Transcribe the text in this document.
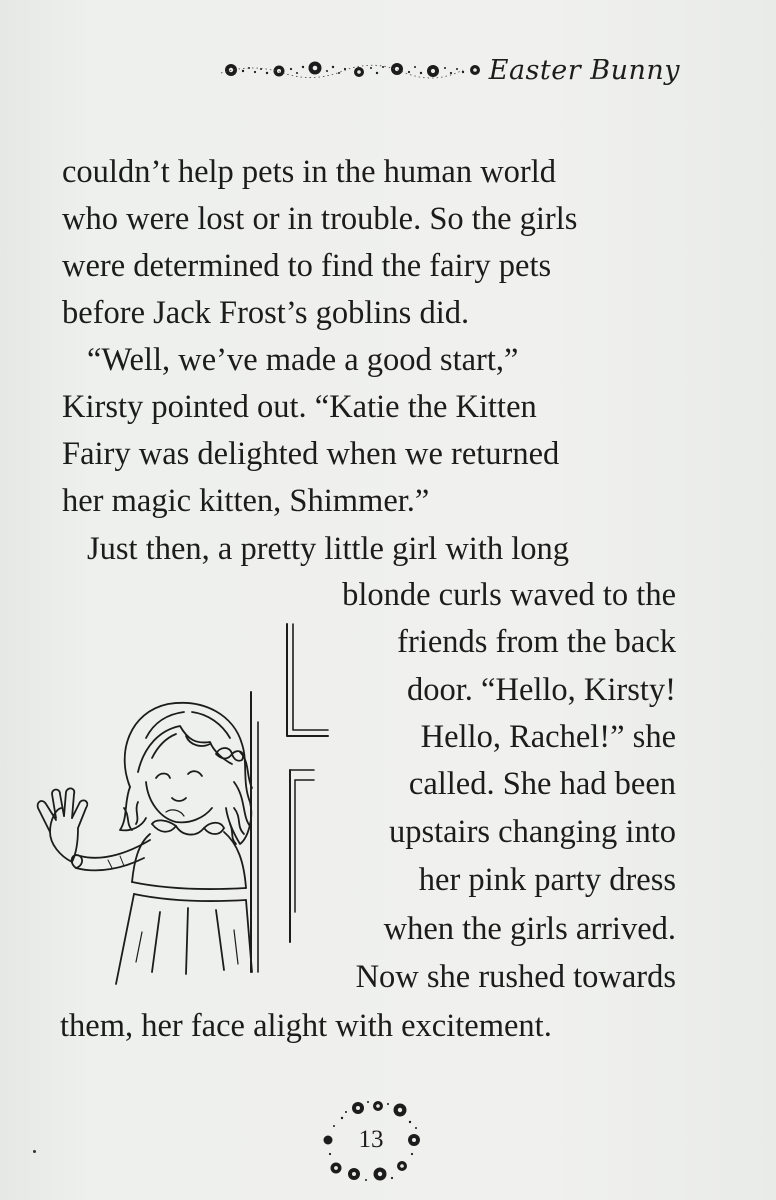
Easter Bunny
couldn’t help pets in the human world
who were lost or in trouble. So the girls
were determined to find the fairy pets
before Jack Frost’s goblins did.
“Well, we’ve made a good start,”
Kirsty pointed out. “Katie the Kitten
Fairy was delighted when we returned
her magic kitten, Shimmer.”
Just then, a pretty little girl with long
blonde curls waved to the
friends from the back
door. “Hello, Kirsty!
Hello, Rachel!” she
called. She had been
upstairs changing into
her pink party dress
when the girls arrived.
Now she rushed towards
them, her face alight with excitement.
13
